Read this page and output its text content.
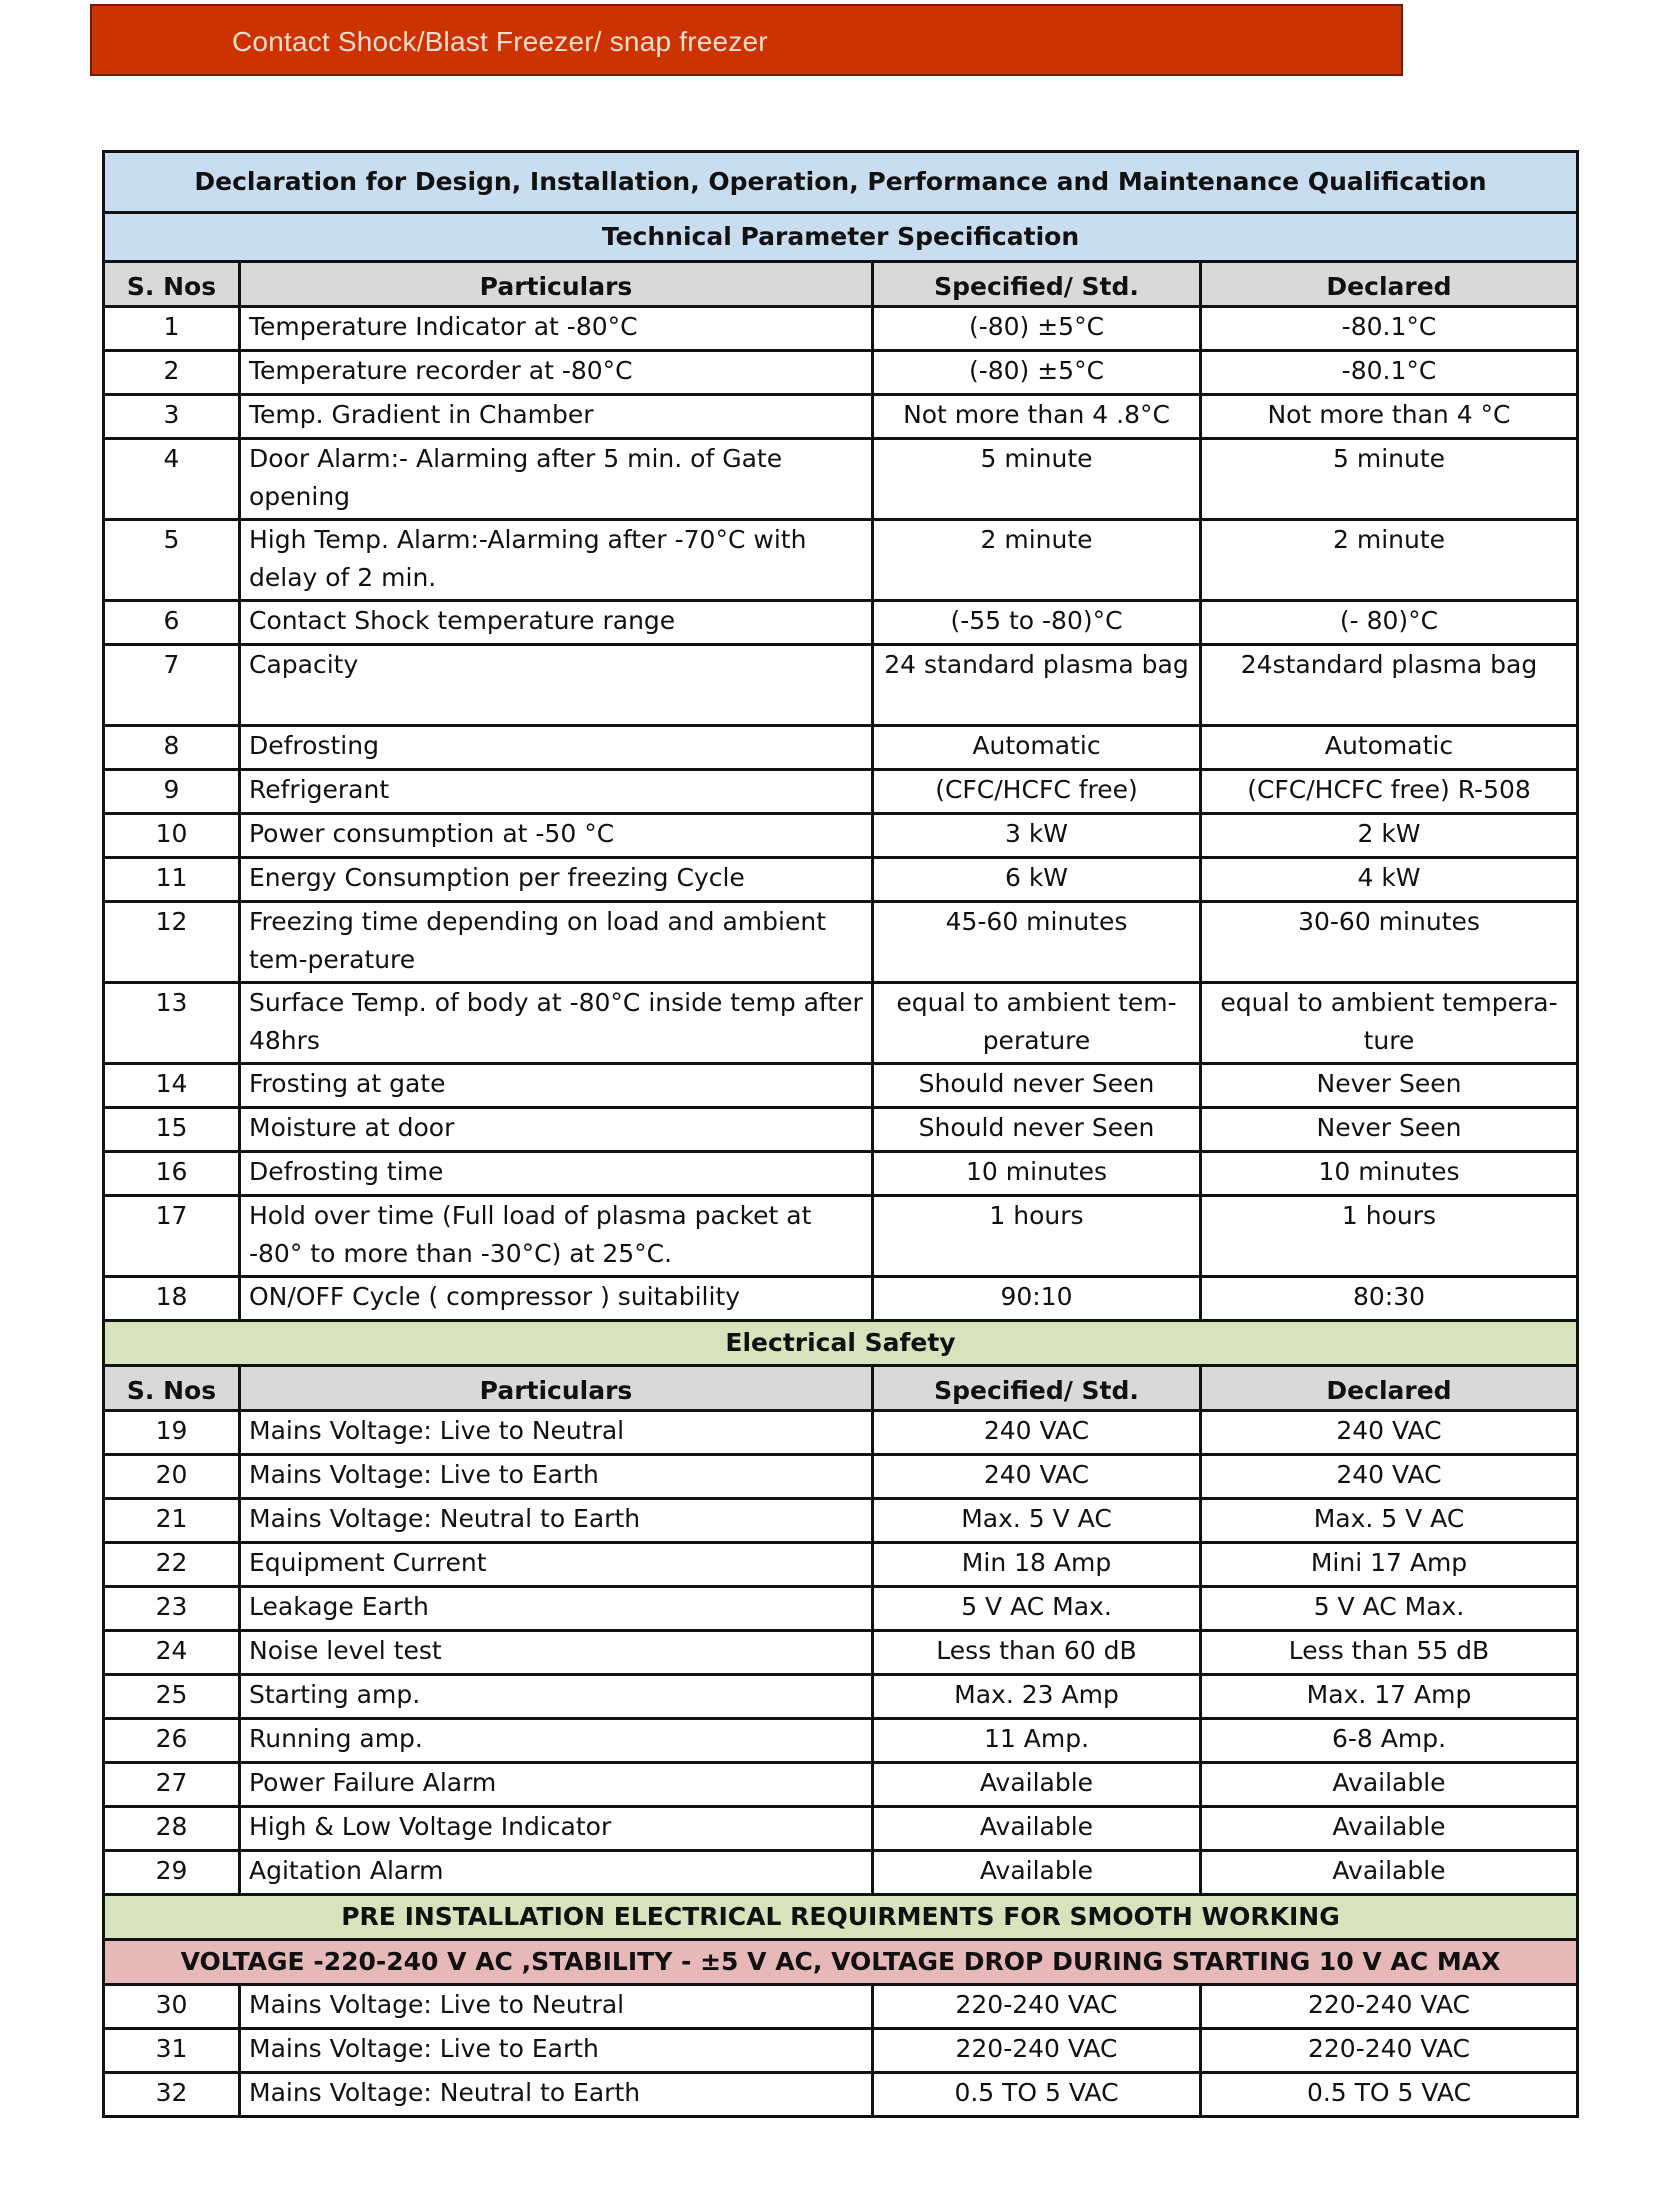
Contact Shock/Blast Freezer/ snap freezer
Declaration for Design, Installation, Operation, Performance and Maintenance Qualification			
Technical Parameter Specification			
S. Nos	Particulars	Specified/ Std.	Declared
1	Temperature Indicator at -80°C	(-80) ±5°C	-80.1°C
2	Temperature recorder at -80°C	(-80) ±5°C	-80.1°C
3	Temp. Gradient in Chamber	Not more than 4 .8°C	Not more than 4 °C
4	Door Alarm:- Alarming after 5 min. of Gate opening	5 minute	5 minute
5	High Temp. Alarm:-Alarming after -70°C with delay of 2 min.	2 minute	2 minute
6	Contact Shock temperature range	(-55 to -80)°C	(- 80)°C
7	Capacity	24 standard plasma bag	24standard plasma bag
8	Defrosting	Automatic	Automatic
9	Refrigerant	(CFC/HCFC free)	(CFC/HCFC free) R-508
10	Power consumption at -50 °C	3 kW	2 kW
11	Energy Consumption per freezing Cycle	6 kW	4 kW
12	Freezing time depending on load and ambient tem-perature	45-60 minutes	30-60 minutes
13	Surface Temp. of body at -80°C inside temp after 48hrs	equal to ambient tem-perature	equal to ambient tempera-ture
14	Frosting at gate	Should never Seen	Never Seen
15	Moisture at door	Should never Seen	Never Seen
16	Defrosting time	10 minutes	10 minutes
17	Hold over time (Full load of plasma packet at -80° to more than -30°C) at 25°C.	1 hours	1 hours
18	ON/OFF Cycle ( compressor ) suitability	90:10	80:30
Electrical Safety			
S. Nos	Particulars	Specified/ Std.	Declared
19	Mains Voltage: Live to Neutral	240 VAC	240 VAC
20	Mains Voltage: Live to Earth	240 VAC	240 VAC
21	Mains Voltage: Neutral to Earth	Max. 5 V AC	Max. 5 V AC
22	Equipment Current	Min 18 Amp	Mini 17 Amp
23	Leakage Earth	5 V AC Max.	5 V AC Max.
24	Noise level test	Less than 60 dB	Less than 55 dB
25	Starting amp.	Max. 23 Amp	Max. 17 Amp
26	Running amp.	11 Amp.	6-8 Amp.
27	Power Failure Alarm	Available	Available
28	High & Low Voltage Indicator	Available	Available
29	Agitation Alarm	Available	Available
PRE INSTALLATION ELECTRICAL REQUIRMENTS FOR SMOOTH WORKING			
VOLTAGE -220-240 V AC ,STABILITY - ±5 V AC, VOLTAGE DROP DURING STARTING 10 V AC MAX			
30	Mains Voltage: Live to Neutral	220-240 VAC	220-240 VAC
31	Mains Voltage: Live to Earth	220-240 VAC	220-240 VAC
32	Mains Voltage: Neutral to Earth	0.5 TO 5 VAC	0.5 TO 5 VAC
